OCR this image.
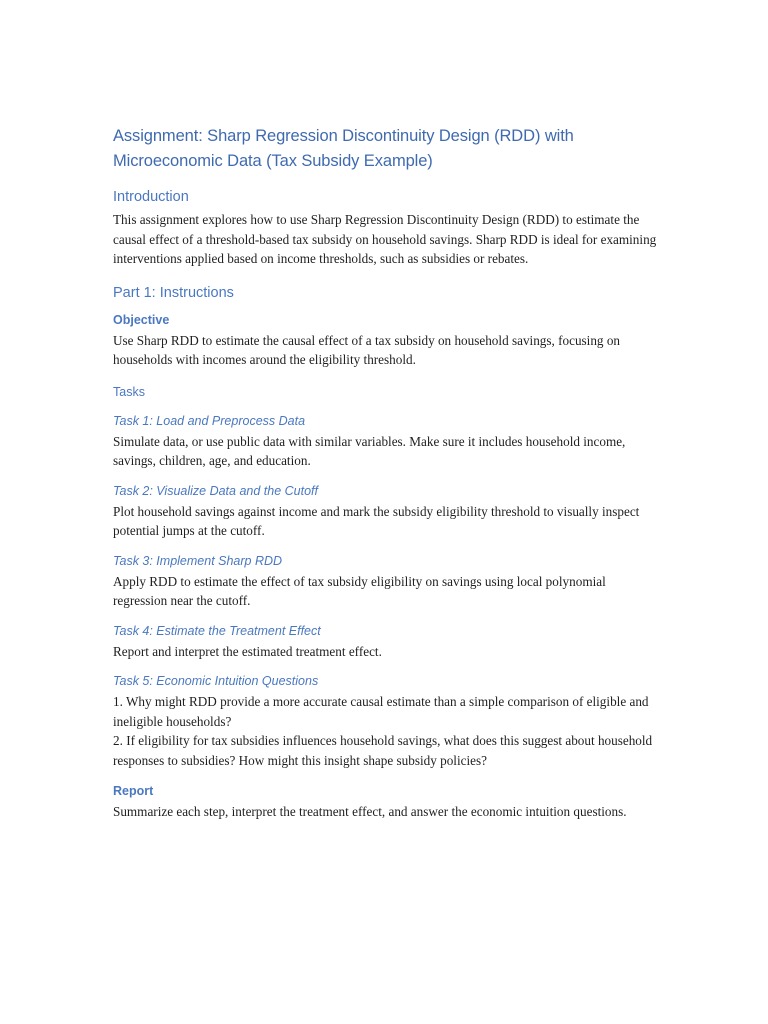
Assignment: Sharp Regression Discontinuity Design (RDD) with Microeconomic Data (Tax Subsidy Example)
Introduction

This assignment explores how to use Sharp Regression Discontinuity Design (RDD) to estimate the causal effect of a threshold-based tax subsidy on household savings. Sharp RDD is ideal for examining interventions applied based on income thresholds, such as subsidies or rebates.

Part 1: Instructions
Objective

Use Sharp RDD to estimate the causal effect of a tax subsidy on household savings, focusing on households with incomes around the eligibility threshold.

Tasks
Task 1: Load and Preprocess Data

Simulate data, or use public data with similar variables. Make sure it includes household income, savings, children, age, and education.

Task 2: Visualize Data and the Cutoff

Plot household savings against income and mark the subsidy eligibility threshold to visually inspect potential jumps at the cutoff.

Task 3: Implement Sharp RDD

Apply RDD to estimate the effect of tax subsidy eligibility on savings using local polynomial regression near the cutoff.

Task 4: Estimate the Treatment Effect

Report and interpret the estimated treatment effect.

Task 5: Economic Intuition Questions

1. Why might RDD provide a more accurate causal estimate than a simple comparison of eligible and ineligible households?

2. If eligibility for tax subsidies influences household savings, what does this suggest about household responses to subsidies? How might this insight shape subsidy policies?

Report

Summarize each step, interpret the treatment effect, and answer the economic intuition questions.
